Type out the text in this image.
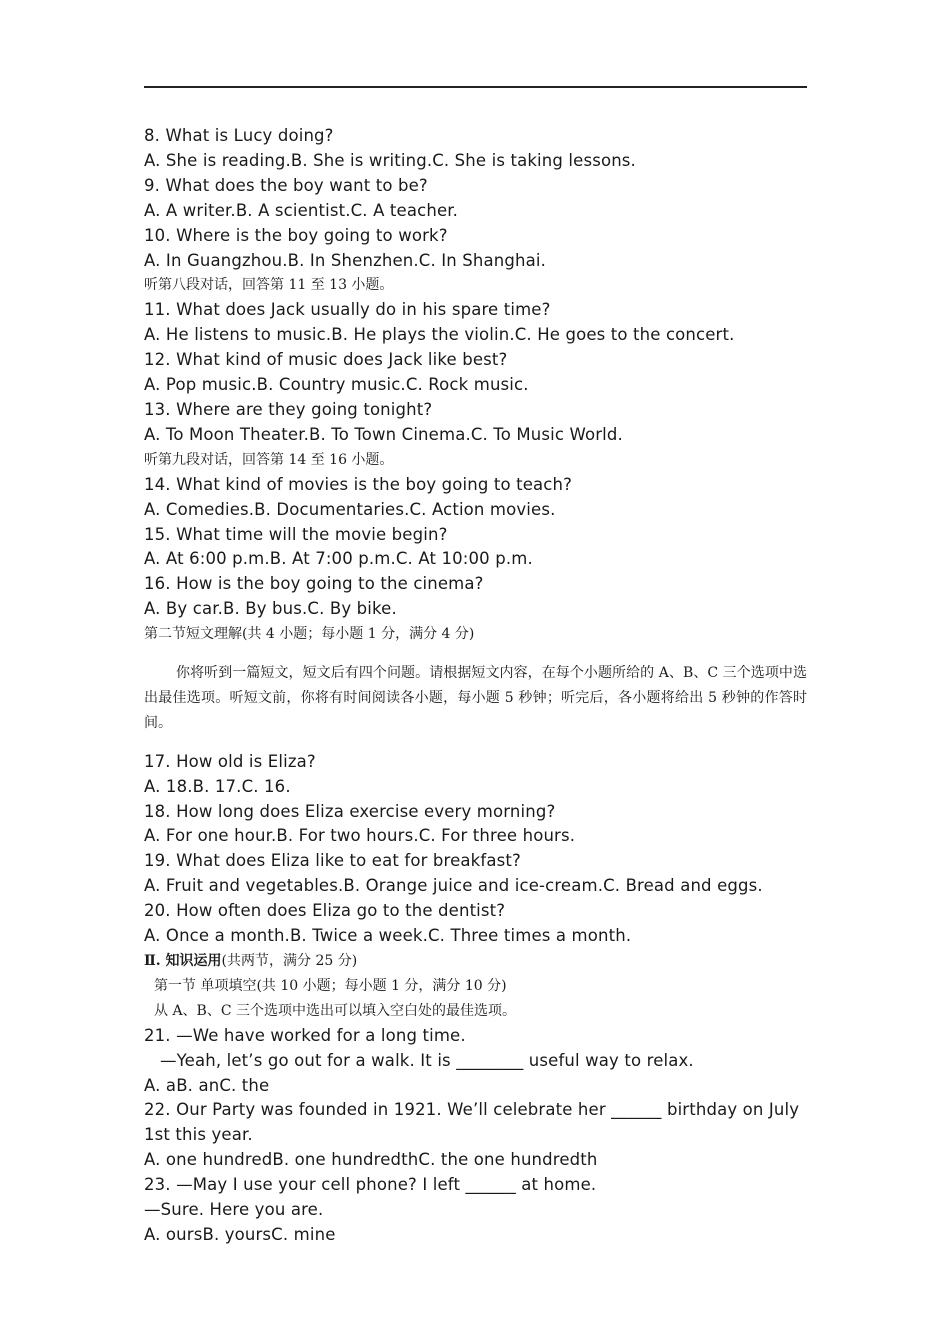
8. What is Lucy doing?

A. She is reading.B. She is writing.C. She is taking lessons.

9. What does the boy want to be?

A. A writer.B. A scientist.C. A teacher.

10. Where is the boy going to work?

A. In Guangzhou.B. In Shenzhen.C. In Shanghai.

听第八段对话，回答第 11 至 13 小题。

11. What does Jack usually do in his spare time?

A. He listens to music.B. He plays the violin.C. He goes to the concert.

12. What kind of music does Jack like best?

A. Pop music.B. Country music.C. Rock music.

13. Where are they going tonight?

A. To Moon Theater.B. To Town Cinema.C. To Music World.

听第九段对话，回答第 14 至 16 小题。

14. What kind of movies is the boy going to teach?

A. Comedies.B. Documentaries.C. Action movies.

15. What time will the movie begin?

A. At 6:00 p.m.B. At 7:00 p.m.C. At 10:00 p.m.

16. How is the boy going to the cinema?

A. By car.B. By bus.C. By bike.

第二节短文理解(共 4 小题；每小题 1 分，满分 4 分)

你将听到一篇短文，短文后有四个问题。请根据短文内容，在每个小题所给的 A、B、C 三个选项中选出最佳选项。听短文前，你将有时间阅读各小题，每小题 5 秒钟；听完后，各小题将给出 5 秒钟的作答时间。

17. How old is Eliza?

A. 18.B. 17.C. 16.

18. How long does Eliza exercise every morning?

A. For one hour.B. For two hours.C. For three hours.

19. What does Eliza like to eat for breakfast?

A. Fruit and vegetables.B. Orange juice and ice-cream.C. Bread and eggs.

20. How often does Eliza go to the dentist?

A. Once a month.B. Twice a week.C. Three times a month.

Ⅱ. 知识运用(共两节，满分 25 分)

第一节 单项填空(共 10 小题；每小题 1 分，满分 10 分)

从 A、B、C 三个选项中选出可以填入空白处的最佳选项。

21. —We have worked for a long time.

—Yeah, let’s go out for a walk. It is ________ useful way to relax.

A. aB. anC. the

22. Our Party was founded in 1921. We’ll celebrate her ______ birthday on July 1st this year.

A. one hundredB. one hundredthC. the one hundredth

23. —May I use your cell phone? I left ______ at home.

—Sure. Here you are.

A. oursB. yoursC. mine
